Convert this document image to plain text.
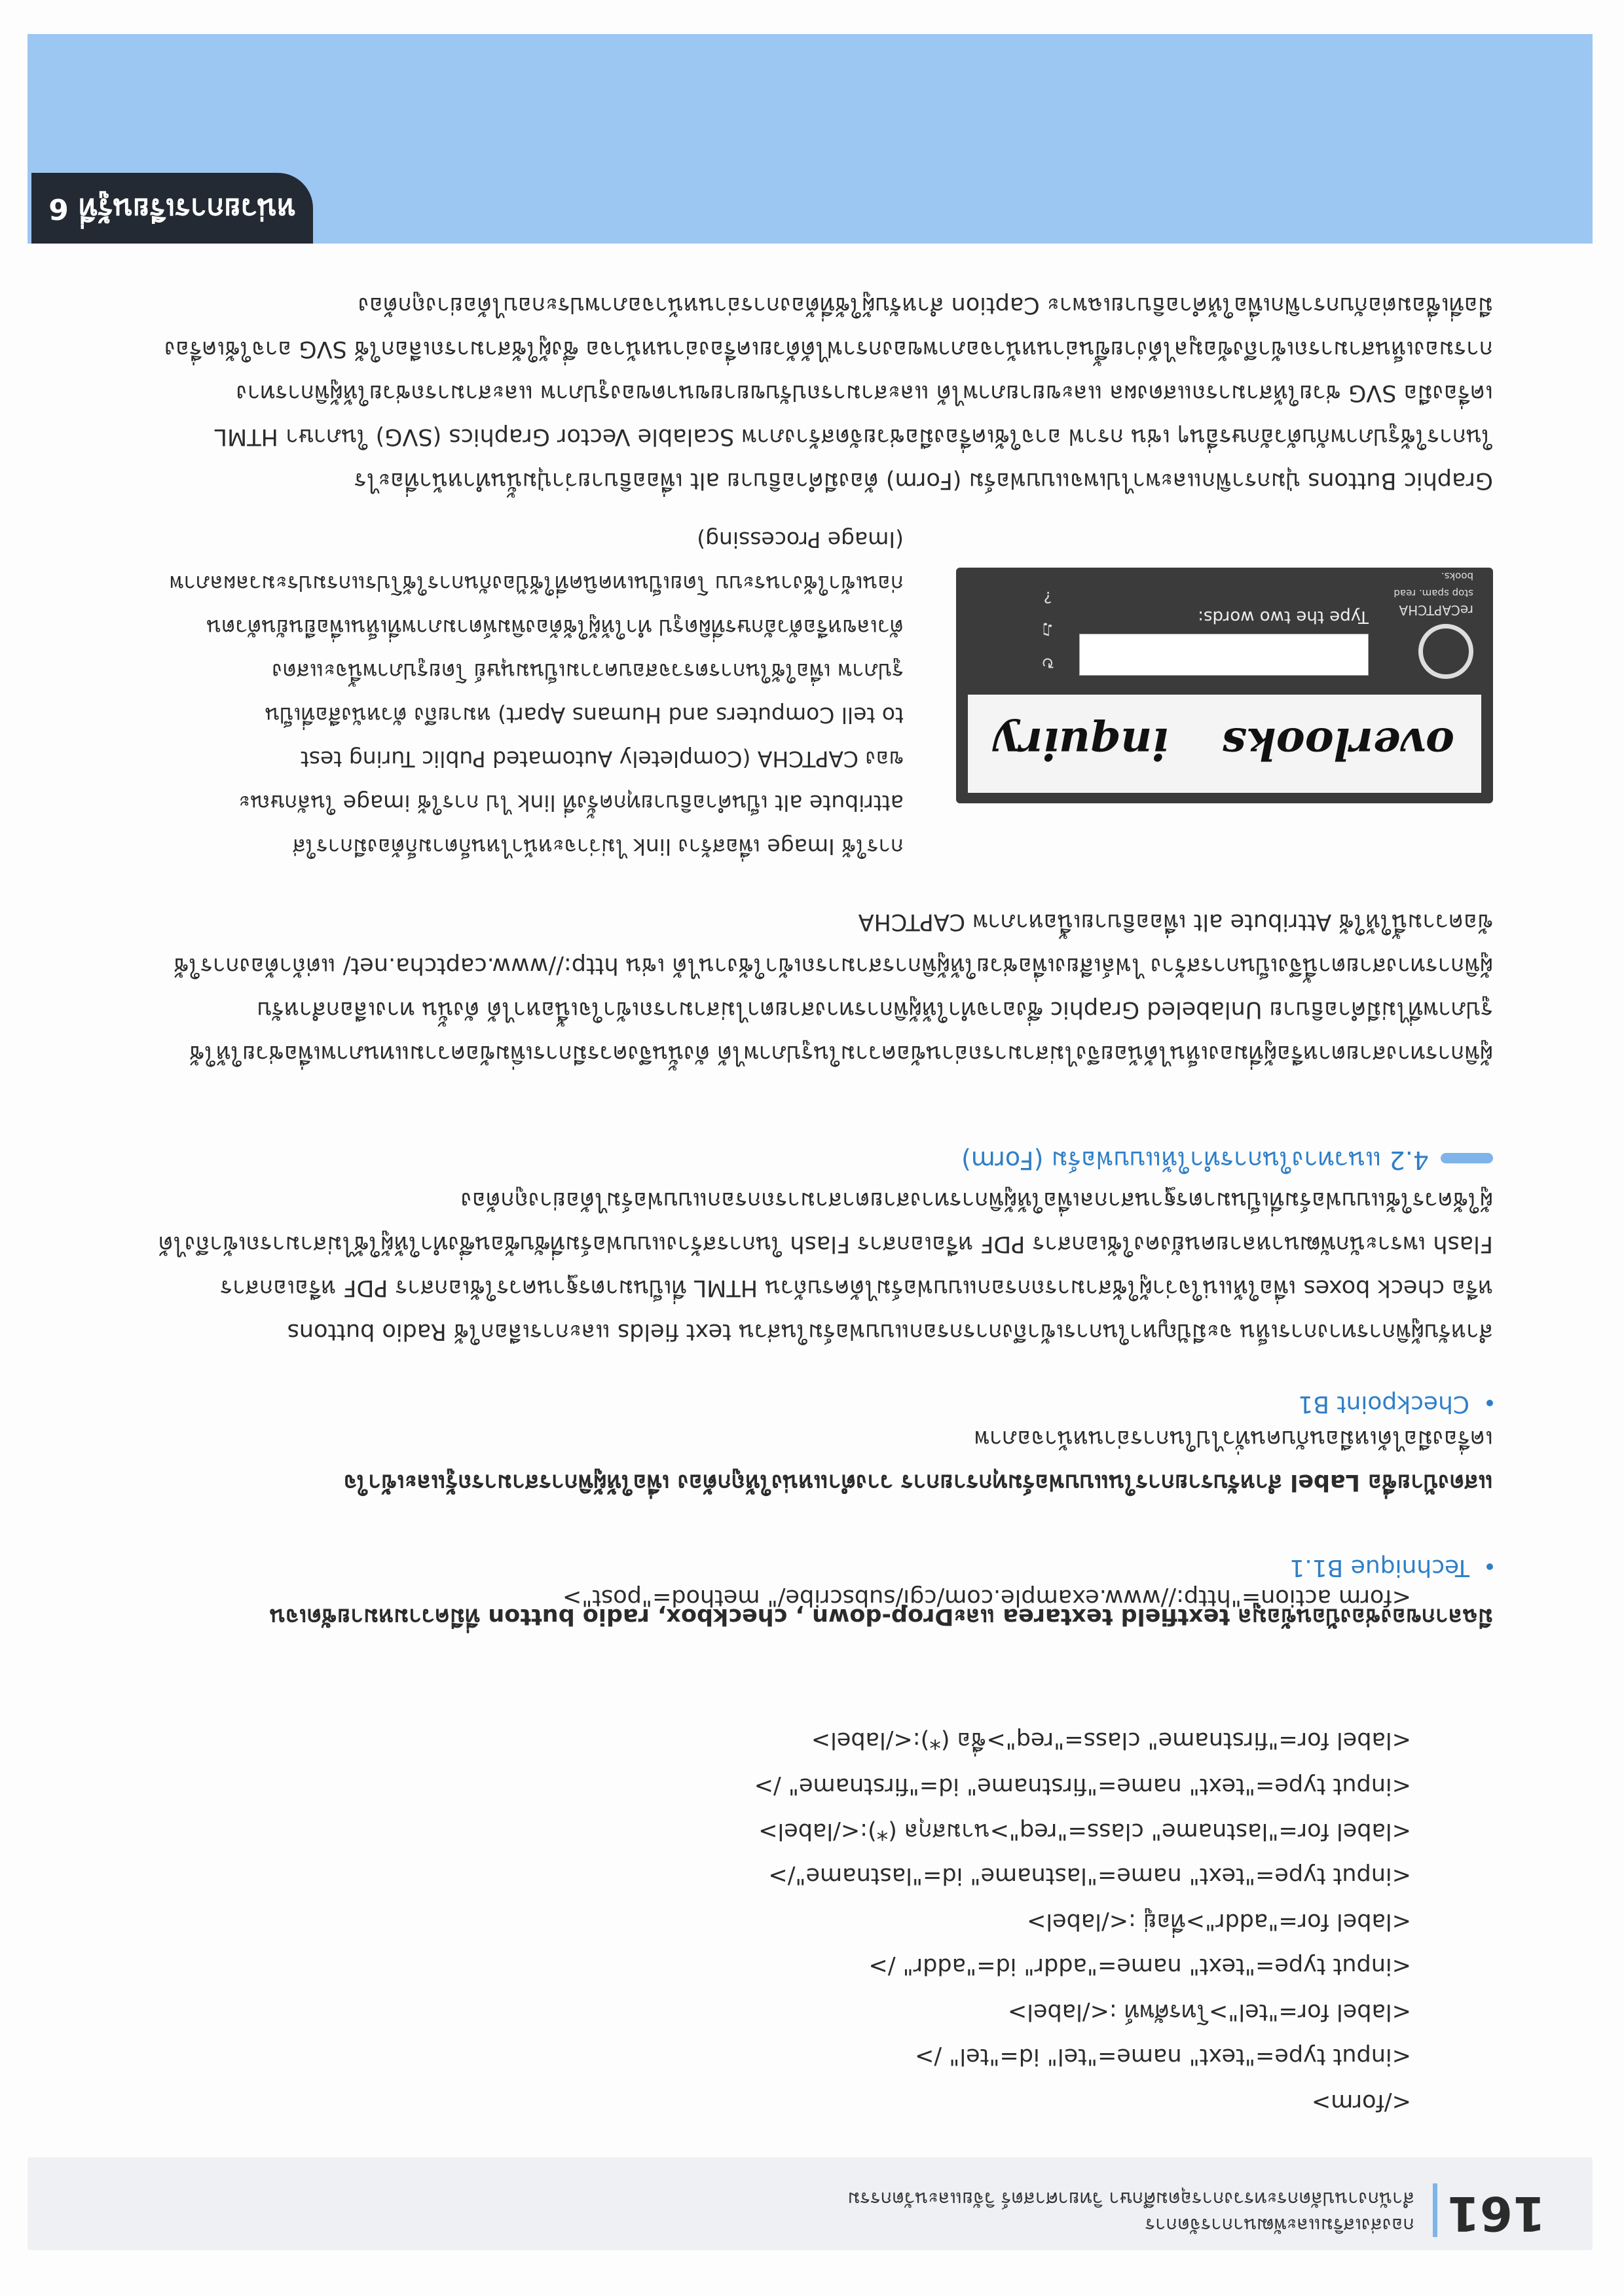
หน่วยการเรียนรู้ที่ 6

Graphic Buttons ปุ่มกราฟิกและพาไปเพจแบบฟอร์ม (Form) ต้องมีคำอธิบาย alt เพื่ออธิบายว่าปุ่มนั้นทำหน้าที่อะไร

ในการใช้รูปภาพกับตัวอักษรอื่นๆ เช่น กราฟ อาจใช้เครื่องมือช่วยจัดสร้างภาพ Scalable Vector Graphics (SVG) ในภาษา HTML

เครื่องมือ SVG ช่วยให้สามารถแสดงผล และขยายภาพได้ และสามารถปรับขยายขนาดของรูปภาพ และสามารถช่วยให้ผู้พิการทาง

การมองเห็นสามารถเข้าถึงข้อมูลได้ง่ายขึ้นอ่านหน้าจอภาพของกราฟได้ด้วยเครื่องอ่านหน้าจอ ซึ่งผู้ใช้สามารถเลือกใช้ SVG อาจใช้เครื่อง

มือที่เชื่อมต่อกับกราฟิกเพื่อให้คำอธิบายเฉพาะ Caption สำหรับผู้ใช้ที่ต้องการอ่านหน้าจอภาพประกอบได้อย่างถูกต้อง

การใช้ Image เพื่อสร้าง link ไม่ว่าจะหน้าไหนก็ตามก็ต้องมีการใส่

attribute alt เป็นคำอธิบายทุกครั้งที่ link ไป การใช้ image ในลักษณะ

ของ CAPTCHA (Completely Automated Public Turing test

to tell Computers and Humans Apart) หมายถึง ตัวหนังสือที่เป็น

รูปภาพ เพื่อใช้ในการตรวจสอบความเป็นมนุษย์ โดยรูปภาพนี้จะแสดง

ตัวเลขหรือตัวอักษรที่ผิดรูป ทำให้ผู้ใช้ต้องพิมพ์ตามภาพที่เห็นเพื่อยืนยันตัวตน

ก่อนเข้าใช้งานระบบ โดยเป็นเทคนิคที่ใช้ป้องกันการใช้โปรแกรมประมวลผลภาพ

(Image Processing)

overlooks
inquiry
reCAPTCHA
stop spam. read books.
Type the two words:
↻
♫
?

ผู้พิการทางสายตาหรือผู้ที่มองเห็นได้น้อยจึงไม่สามารถอ่านข้อความในรูปภาพได้ ดังนั้นจึงควรมีการเพิ่มข้อความแทนภาพเพื่อช่วยให้ใช้

รูปภาพที่ไม่มีคำอธิบาย Unlabeled Graphic ซึ่งอาจทำให้ผู้พิการทางสายตาไม่สามารถเข้าใจเนื้อหาได้ ดังนั้น ทางเลือกสำหรับ

ผู้พิการทางสายตานี้จึงเป็นการสร้าง ไฟล์เสียงเพื่อช่วยให้ผู้พิการสามารถเข้าใช้งานได้ เช่น http://www.captcha.net/ แต่ถ้าต้องการใช้

ข้อความนี้ให้ใช้ Attribute alt เพื่ออธิบายเนื้อหาภาพ CAPTCHA

4.2 แนวทางในการทำให้แบบฟอร์ม (Form)

สำหรับผู้พิการทางการเห็น จะมีปัญหาในการเข้าถึงการกรอกแบบฟอร์มในส่วน text fields และการเลือกใช้ Radio buttons

หรือ check boxes เพื่อให้แน่ใจว่าผู้ใช้สามารถกรอกแบบฟอร์มได้ครบถ้วน HTML ที่เป็นมาตรฐานควรใช้เอกสาร PDF หรือเอกสาร

Flash เพราะนักพัฒนาหลายคนยังคงใช้เอกสาร PDF หรือเอกสาร Flash ในการสร้างแบบฟอร์มที่ซับซ้อนซึ่งทำให้ผู้ใช้ไม่สามารถเข้าถึงได้

ผู้ใช้ควรใช้แบบฟอร์มที่เป็นมาตรฐานสากลเพื่อให้ผู้พิการทางสายตาสามารถกรอกแบบฟอร์มได้อย่างถูกต้อง

Checkpoint B1

แสดงป้ายชื่อ Label สำหรับรายการในแบบฟอร์มทุกรายการ วางตำแหน่งให้ถูกต้อง เพื่อให้ผู้พิการสามารถรู้และเข้าใจ

เครื่องมือได้เหมือนกับคนทั่วไปในการอ่านหน้าจอภาพ

Technique B1.1
มีฉลากของช่องป้อนข้อมูล textfield textarea และDrop-down , checkbox, radio button ที่มีความหมายชัดเจน

<form action="http://www.example.com/cgi/subscribe/" method="post">

<label for="firstname" class="req">ชื่อ (*):</label>
<input type="text" name="firstname" id="firstname" />
<label for="lastname" class="req">นามสกุล (*):</label>
<input type="text" name="lastname" id="lastname"/>
<label for="addr">ที่อยู่ :</label>
<input type="text" name="addr" id="addr" />
<label for="tel">โทรศัพท์ :</label>
<input type="text" name="tel" id="tel" />
</form>
161
กองส่งเสริมและพัฒนาการจัดการ
สำนักงานปลัดกระทรวงการอุดมศึกษา วิทยาศาสตร์ วิจัยและนวัตกรรม
